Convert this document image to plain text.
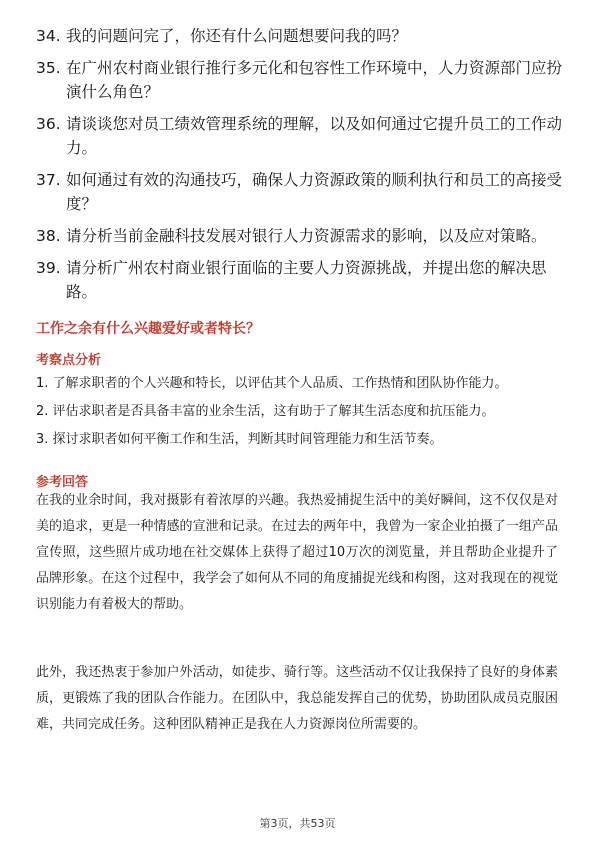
34. 我的问题问完了，你还有什么问题想要问我的吗？
35. 在广州农村商业银行推行多元化和包容性工作环境中，人力资源部门应扮演什么角色？
36. 请谈谈您对员工绩效管理系统的理解，以及如何通过它提升员工的工作动力。
37. 如何通过有效的沟通技巧，确保人力资源政策的顺利执行和员工的高接受度？
38. 请分析当前金融科技发展对银行人力资源需求的影响，以及应对策略。
39. 请分析广州农村商业银行面临的主要人力资源挑战，并提出您的解决思路。
工作之余有什么兴趣爱好或者特长？
考察点分析
1. 了解求职者的个人兴趣和特长，以评估其个人品质、工作热情和团队协作能力。
2. 评估求职者是否具备丰富的业余生活，这有助于了解其生活态度和抗压能力。
3. 探讨求职者如何平衡工作和生活，判断其时间管理能力和生活节奏。
参考回答

在我的业余时间，我对摄影有着浓厚的兴趣。我热爱捕捉生活中的美好瞬间，这不仅仅是对美的追求，更是一种情感的宣泄和记录。在过去的两年中，我曾为一家企业拍摄了一组产品宣传照，这些照片成功地在社交媒体上获得了超过10万次的浏览量，并且帮助企业提升了品牌形象。在这个过程中，我学会了如何从不同的角度捕捉光线和构图，这对我现在的视觉识别能力有着极大的帮助。

此外，我还热衷于参加户外活动，如徒步、骑行等。这些活动不仅让我保持了良好的身体素质，更锻炼了我的团队合作能力。在团队中，我总能发挥自己的优势，协助团队成员克服困难，共同完成任务。这种团队精神正是我在人力资源岗位所需要的。

第3页，共53页
